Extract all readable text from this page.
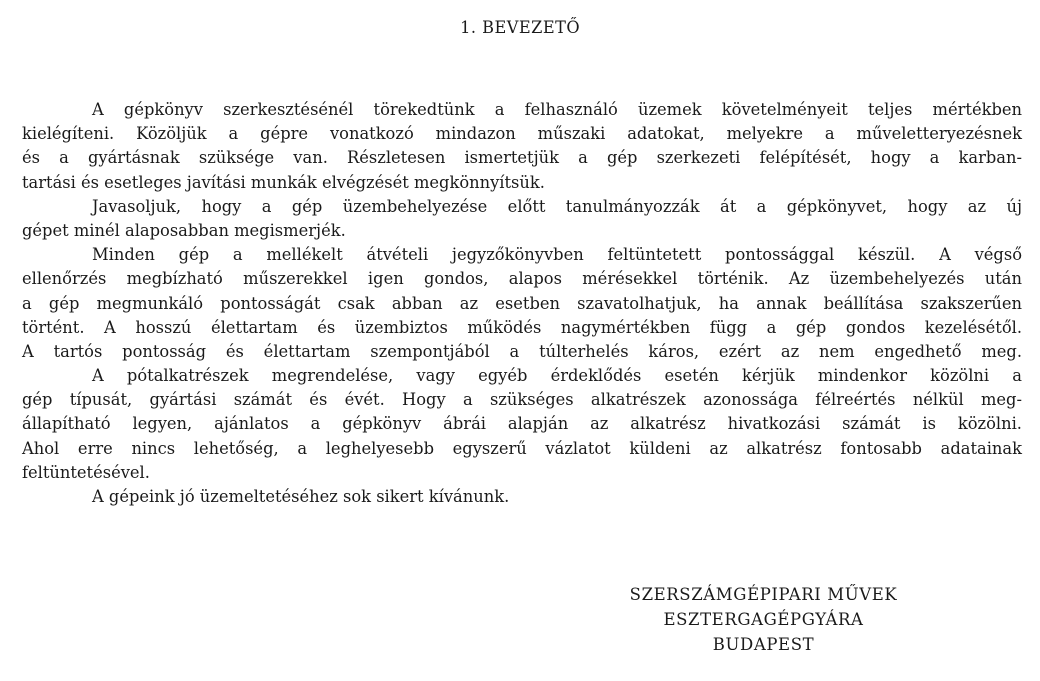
1. BEVEZETŐ
A gépkönyv szerkesztésénél törekedtünk a felhasználó üzemek követelményeit teljes mértékben
kielégíteni. Közöljük a gépre vonatkozó mindazon műszaki adatokat, melyekre a műveletteryezésnek
és a gyártásnak szüksége van. Részletesen ismertetjük a gép szerkezeti felépítését, hogy a karban-
tartási és esetleges javítási munkák elvégzését megkönnyítsük.
Javasoljuk, hogy a gép üzembehelyezése előtt tanulmányozzák át a gépkönyvet, hogy az új
gépet minél alaposabban megismerjék.
Minden gép a mellékelt átvételi jegyzőkönyvben feltüntetett pontossággal készül. A végső
ellenőrzés megbízható műszerekkel igen gondos, alapos mérésekkel történik. Az üzembehelyezés után
a gép megmunkáló pontosságát csak abban az esetben szavatolhatjuk, ha annak beállítása szakszerűen
történt. A hosszú élettartam és üzembiztos működés nagymértékben függ a gép gondos kezelésétől.
A tartós pontosság és élettartam szempontjából a túlterhelés káros, ezért az nem engedhető meg.
A pótalkatrészek megrendelése, vagy egyéb érdeklődés esetén kérjük mindenkor közölni a
gép típusát, gyártási számát és évét. Hogy a szükséges alkatrészek azonossága félreértés nélkül meg-
állapítható legyen, ajánlatos a gépkönyv ábrái alapján az alkatrész hivatkozási számát is közölni.
Ahol erre nincs lehetőség, a leghelyesebb egyszerű vázlatot küldeni az alkatrész fontosabb adatainak
feltüntetésével.
A gépeink jó üzemeltetéséhez sok sikert kívánunk.
SZERSZÁMGÉPIPARI MŰVEK
ESZTERGAGÉPGYÁRA
BUDAPEST
